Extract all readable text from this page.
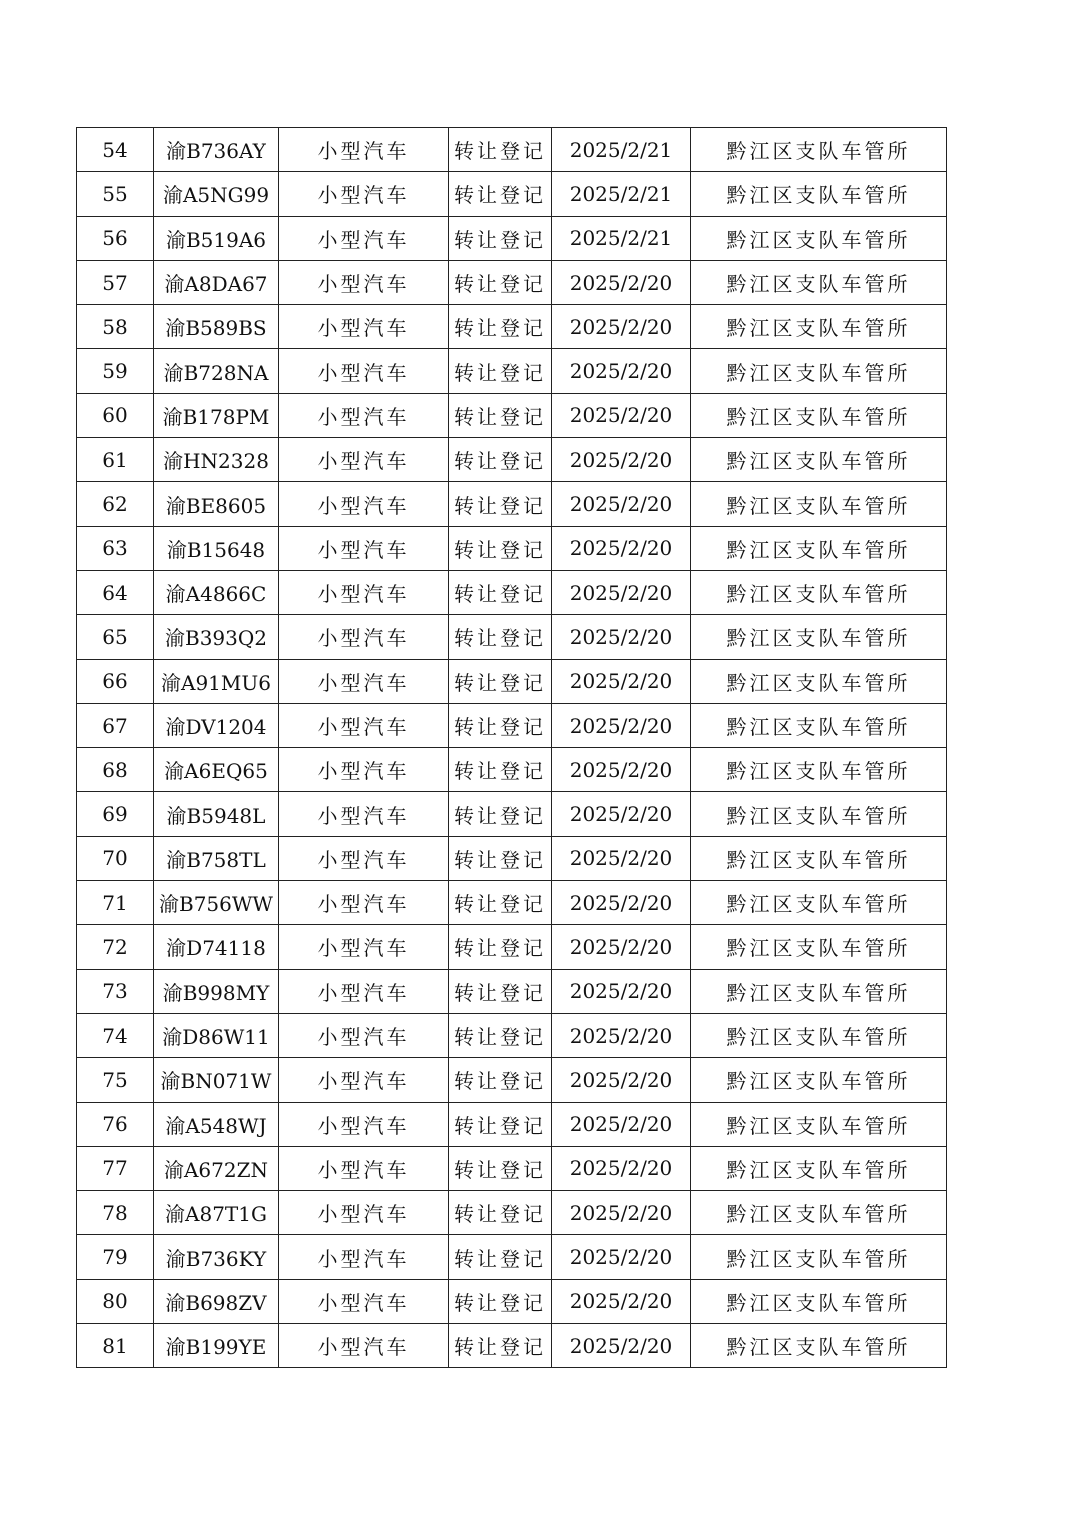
54	渝B736AY	小型汽车	转让登记	2025/2/21	黔江区支队车管所
55	渝A5NG99	小型汽车	转让登记	2025/2/21	黔江区支队车管所
56	渝B519A6	小型汽车	转让登记	2025/2/21	黔江区支队车管所
57	渝A8DA67	小型汽车	转让登记	2025/2/20	黔江区支队车管所
58	渝B589BS	小型汽车	转让登记	2025/2/20	黔江区支队车管所
59	渝B728NA	小型汽车	转让登记	2025/2/20	黔江区支队车管所
60	渝B178PM	小型汽车	转让登记	2025/2/20	黔江区支队车管所
61	渝HN2328	小型汽车	转让登记	2025/2/20	黔江区支队车管所
62	渝BE8605	小型汽车	转让登记	2025/2/20	黔江区支队车管所
63	渝B15648	小型汽车	转让登记	2025/2/20	黔江区支队车管所
64	渝A4866C	小型汽车	转让登记	2025/2/20	黔江区支队车管所
65	渝B393Q2	小型汽车	转让登记	2025/2/20	黔江区支队车管所
66	渝A91MU6	小型汽车	转让登记	2025/2/20	黔江区支队车管所
67	渝DV1204	小型汽车	转让登记	2025/2/20	黔江区支队车管所
68	渝A6EQ65	小型汽车	转让登记	2025/2/20	黔江区支队车管所
69	渝B5948L	小型汽车	转让登记	2025/2/20	黔江区支队车管所
70	渝B758TL	小型汽车	转让登记	2025/2/20	黔江区支队车管所
71	渝B756WW	小型汽车	转让登记	2025/2/20	黔江区支队车管所
72	渝D74118	小型汽车	转让登记	2025/2/20	黔江区支队车管所
73	渝B998MY	小型汽车	转让登记	2025/2/20	黔江区支队车管所
74	渝D86W11	小型汽车	转让登记	2025/2/20	黔江区支队车管所
75	渝BN071W	小型汽车	转让登记	2025/2/20	黔江区支队车管所
76	渝A548WJ	小型汽车	转让登记	2025/2/20	黔江区支队车管所
77	渝A672ZN	小型汽车	转让登记	2025/2/20	黔江区支队车管所
78	渝A87T1G	小型汽车	转让登记	2025/2/20	黔江区支队车管所
79	渝B736KY	小型汽车	转让登记	2025/2/20	黔江区支队车管所
80	渝B698ZV	小型汽车	转让登记	2025/2/20	黔江区支队车管所
81	渝B199YE	小型汽车	转让登记	2025/2/20	黔江区支队车管所
